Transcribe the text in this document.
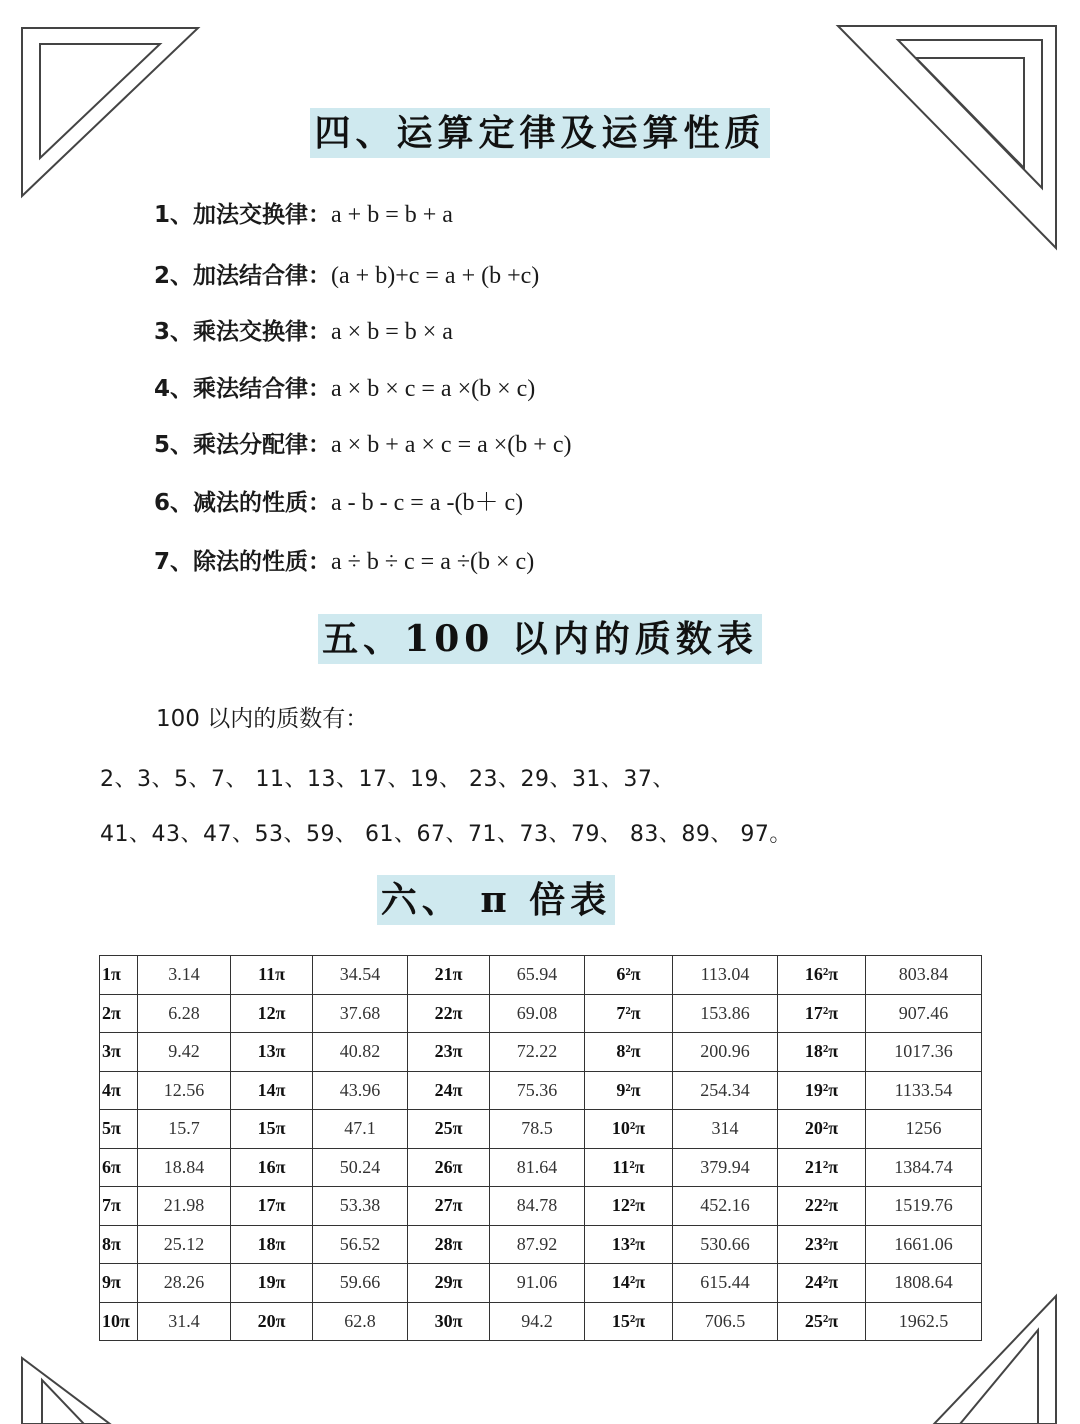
四、运算定律及运算性质
1、加法交换律：a + b = b + a
2、加法结合律：(a + b)+c = a + (b +c)
3、乘法交换律：a × b = b × a
4、乘法结合律：a × b × c = a ×(b × c)
5、乘法分配律：a × b + a × c = a ×(b + c)
6、减法的性质：a - b - c = a -(b＋ c)
7、除法的性质：a ÷ b ÷ c = a ÷(b × c)
五、100 以内的质数表
100 以内的质数有：
2、3、5、7、 11、13、17、19、 23、29、31、37、
41、43、47、53、59、 61、67、71、73、79、 83、89、 97。
六、 π 倍表
1π	3.14	11π	34.54	21π	65.94	6²π	113.04	16²π	803.84
2π	6.28	12π	37.68	22π	69.08	7²π	153.86	17²π	907.46
3π	9.42	13π	40.82	23π	72.22	8²π	200.96	18²π	1017.36
4π	12.56	14π	43.96	24π	75.36	9²π	254.34	19²π	1133.54
5π	15.7	15π	47.1	25π	78.5	10²π	314	20²π	1256
6π	18.84	16π	50.24	26π	81.64	11²π	379.94	21²π	1384.74
7π	21.98	17π	53.38	27π	84.78	12²π	452.16	22²π	1519.76
8π	25.12	18π	56.52	28π	87.92	13²π	530.66	23²π	1661.06
9π	28.26	19π	59.66	29π	91.06	14²π	615.44	24²π	1808.64
10π	31.4	20π	62.8	30π	94.2	15²π	706.5	25²π	1962.5
